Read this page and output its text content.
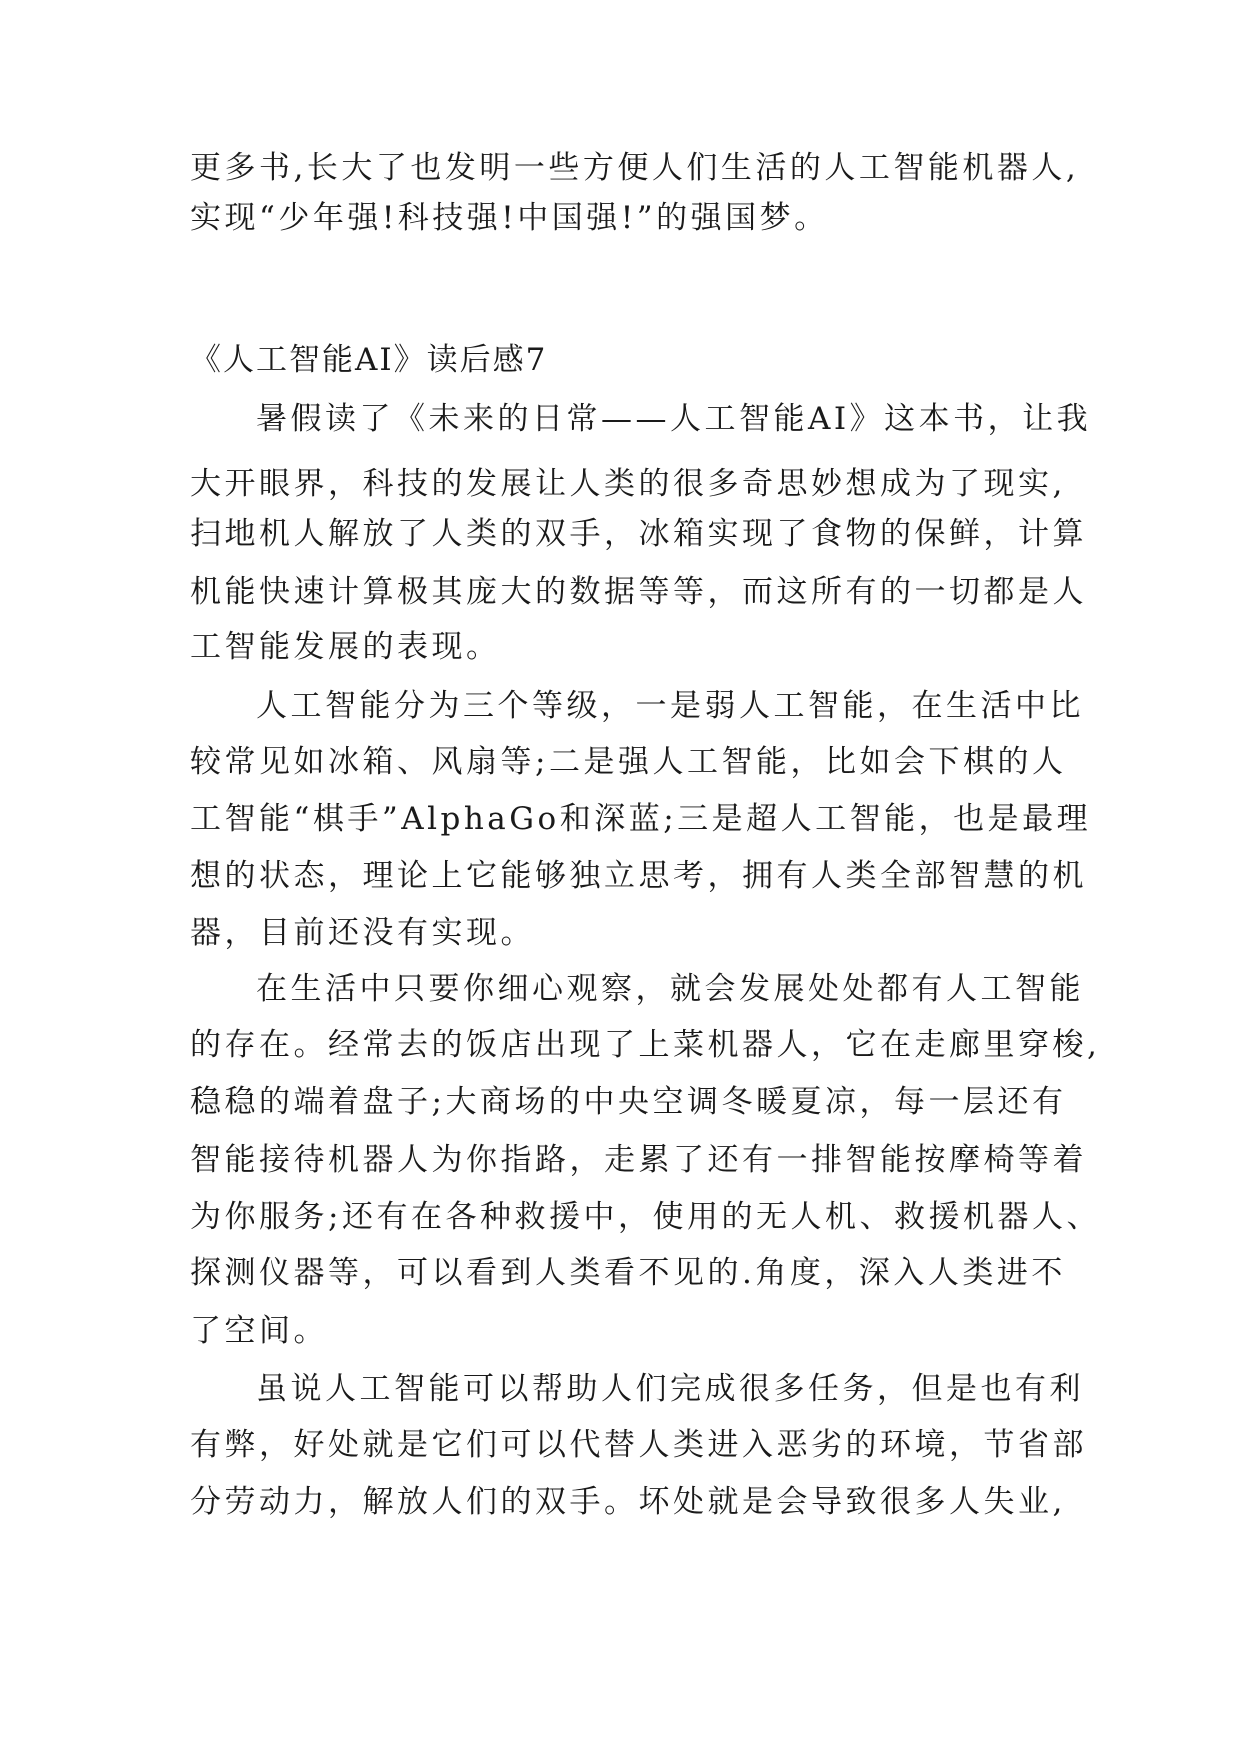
更多书,长大了也发明一些方便人们生活的人工智能机器人,
实现“少年强!科技强!中国强!”的强国梦。
《人工智能AI》读后感7
暑假读了《未来的日常——人工智能AI》这本书，让我
大开眼界，科技的发展让人类的很多奇思妙想成为了现实,
扫地机人解放了人类的双手，冰箱实现了食物的保鲜，计算
机能快速计算极其庞大的数据等等，而这所有的一切都是人
工智能发展的表现。
人工智能分为三个等级，一是弱人工智能，在生活中比
较常见如冰箱、风扇等;二是强人工智能，比如会下棋的人
工智能“棋手”AlphaGo和深蓝;三是超人工智能，也是最理
想的状态，理论上它能够独立思考，拥有人类全部智慧的机
器，目前还没有实现。
在生活中只要你细心观察，就会发展处处都有人工智能
的存在。经常去的饭店出现了上菜机器人，它在走廊里穿梭,
稳稳的端着盘子;大商场的中央空调冬暖夏凉，每一层还有
智能接待机器人为你指路，走累了还有一排智能按摩椅等着
为你服务;还有在各种救援中，使用的无人机、救援机器人、
探测仪器等，可以看到人类看不见的.角度，深入人类进不
了空间。
虽说人工智能可以帮助人们完成很多任务，但是也有利
有弊，好处就是它们可以代替人类进入恶劣的环境，节省部
分劳动力，解放人们的双手。坏处就是会导致很多人失业,
